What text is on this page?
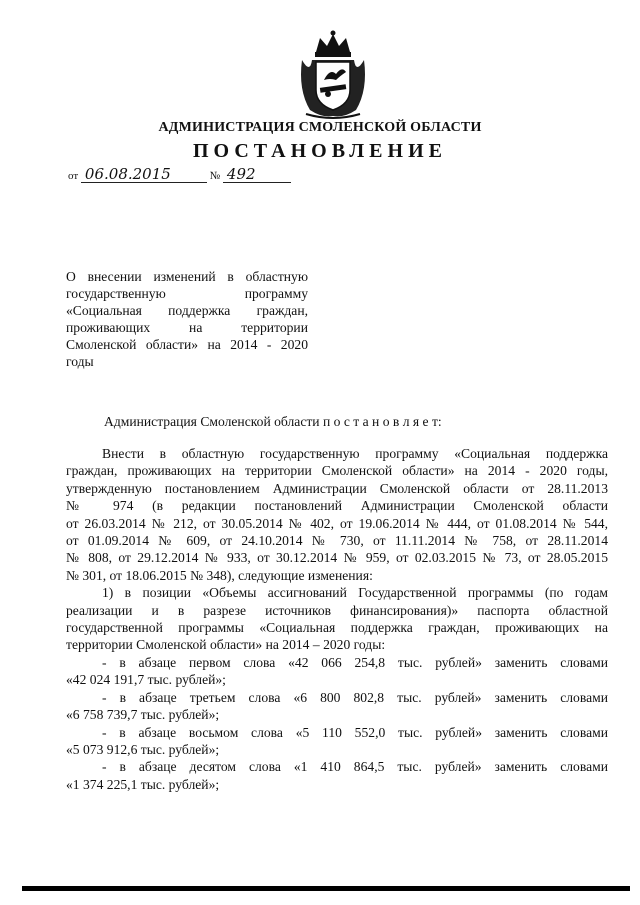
АДМИНИСТРАЦИЯ СМОЛЕНСКОЙ ОБЛАСТИ
ПОСТАНОВЛЕНИЕ
от 06.08.2015	№ 492
О внесении изменений в областную
государственную программу
«Социальная поддержка граждан,
проживающих на территории
Смоленской области» на 2014 - 2020
годы
Администрация Смоленской области п о с т а н о в л я е т:
Внести в областную государственную программу «Социальная поддержка
граждан, проживающих на территории Смоленской области» на 2014 - 2020 годы,
утвержденную постановлением Администрации Смоленской области от 28.11.2013
№ 974 (в редакции постановлений Администрации Смоленской области
от 26.03.2014 № 212, от 30.05.2014 № 402, от 19.06.2014 № 444, от 01.08.2014 № 544,
от 01.09.2014 № 609, от 24.10.2014 № 730, от 11.11.2014 № 758, от 28.11.2014
№ 808, от 29.12.2014 № 933, от 30.12.2014 № 959, от 02.03.2015 № 73, от 28.05.2015
№ 301, от 18.06.2015 № 348), следующие изменения:
1) в позиции «Объемы ассигнований Государственной программы (по годам
реализации и в разрезе источников финансирования)» паспорта областной
государственной программы «Социальная поддержка граждан, проживающих на
территории Смоленской области» на 2014 – 2020 годы:
- в абзаце первом слова «42 066 254,8 тыс. рублей» заменить словами
«42 024 191,7 тыс. рублей»;
- в абзаце третьем слова «6 800 802,8 тыс. рублей» заменить словами
«6 758 739,7 тыс. рублей»;
- в абзаце восьмом слова «5 110 552,0 тыс. рублей» заменить словами
«5 073 912,6 тыс. рублей»;
- в абзаце десятом слова «1 410 864,5 тыс. рублей» заменить словами
«1 374 225,1 тыс. рублей»;
